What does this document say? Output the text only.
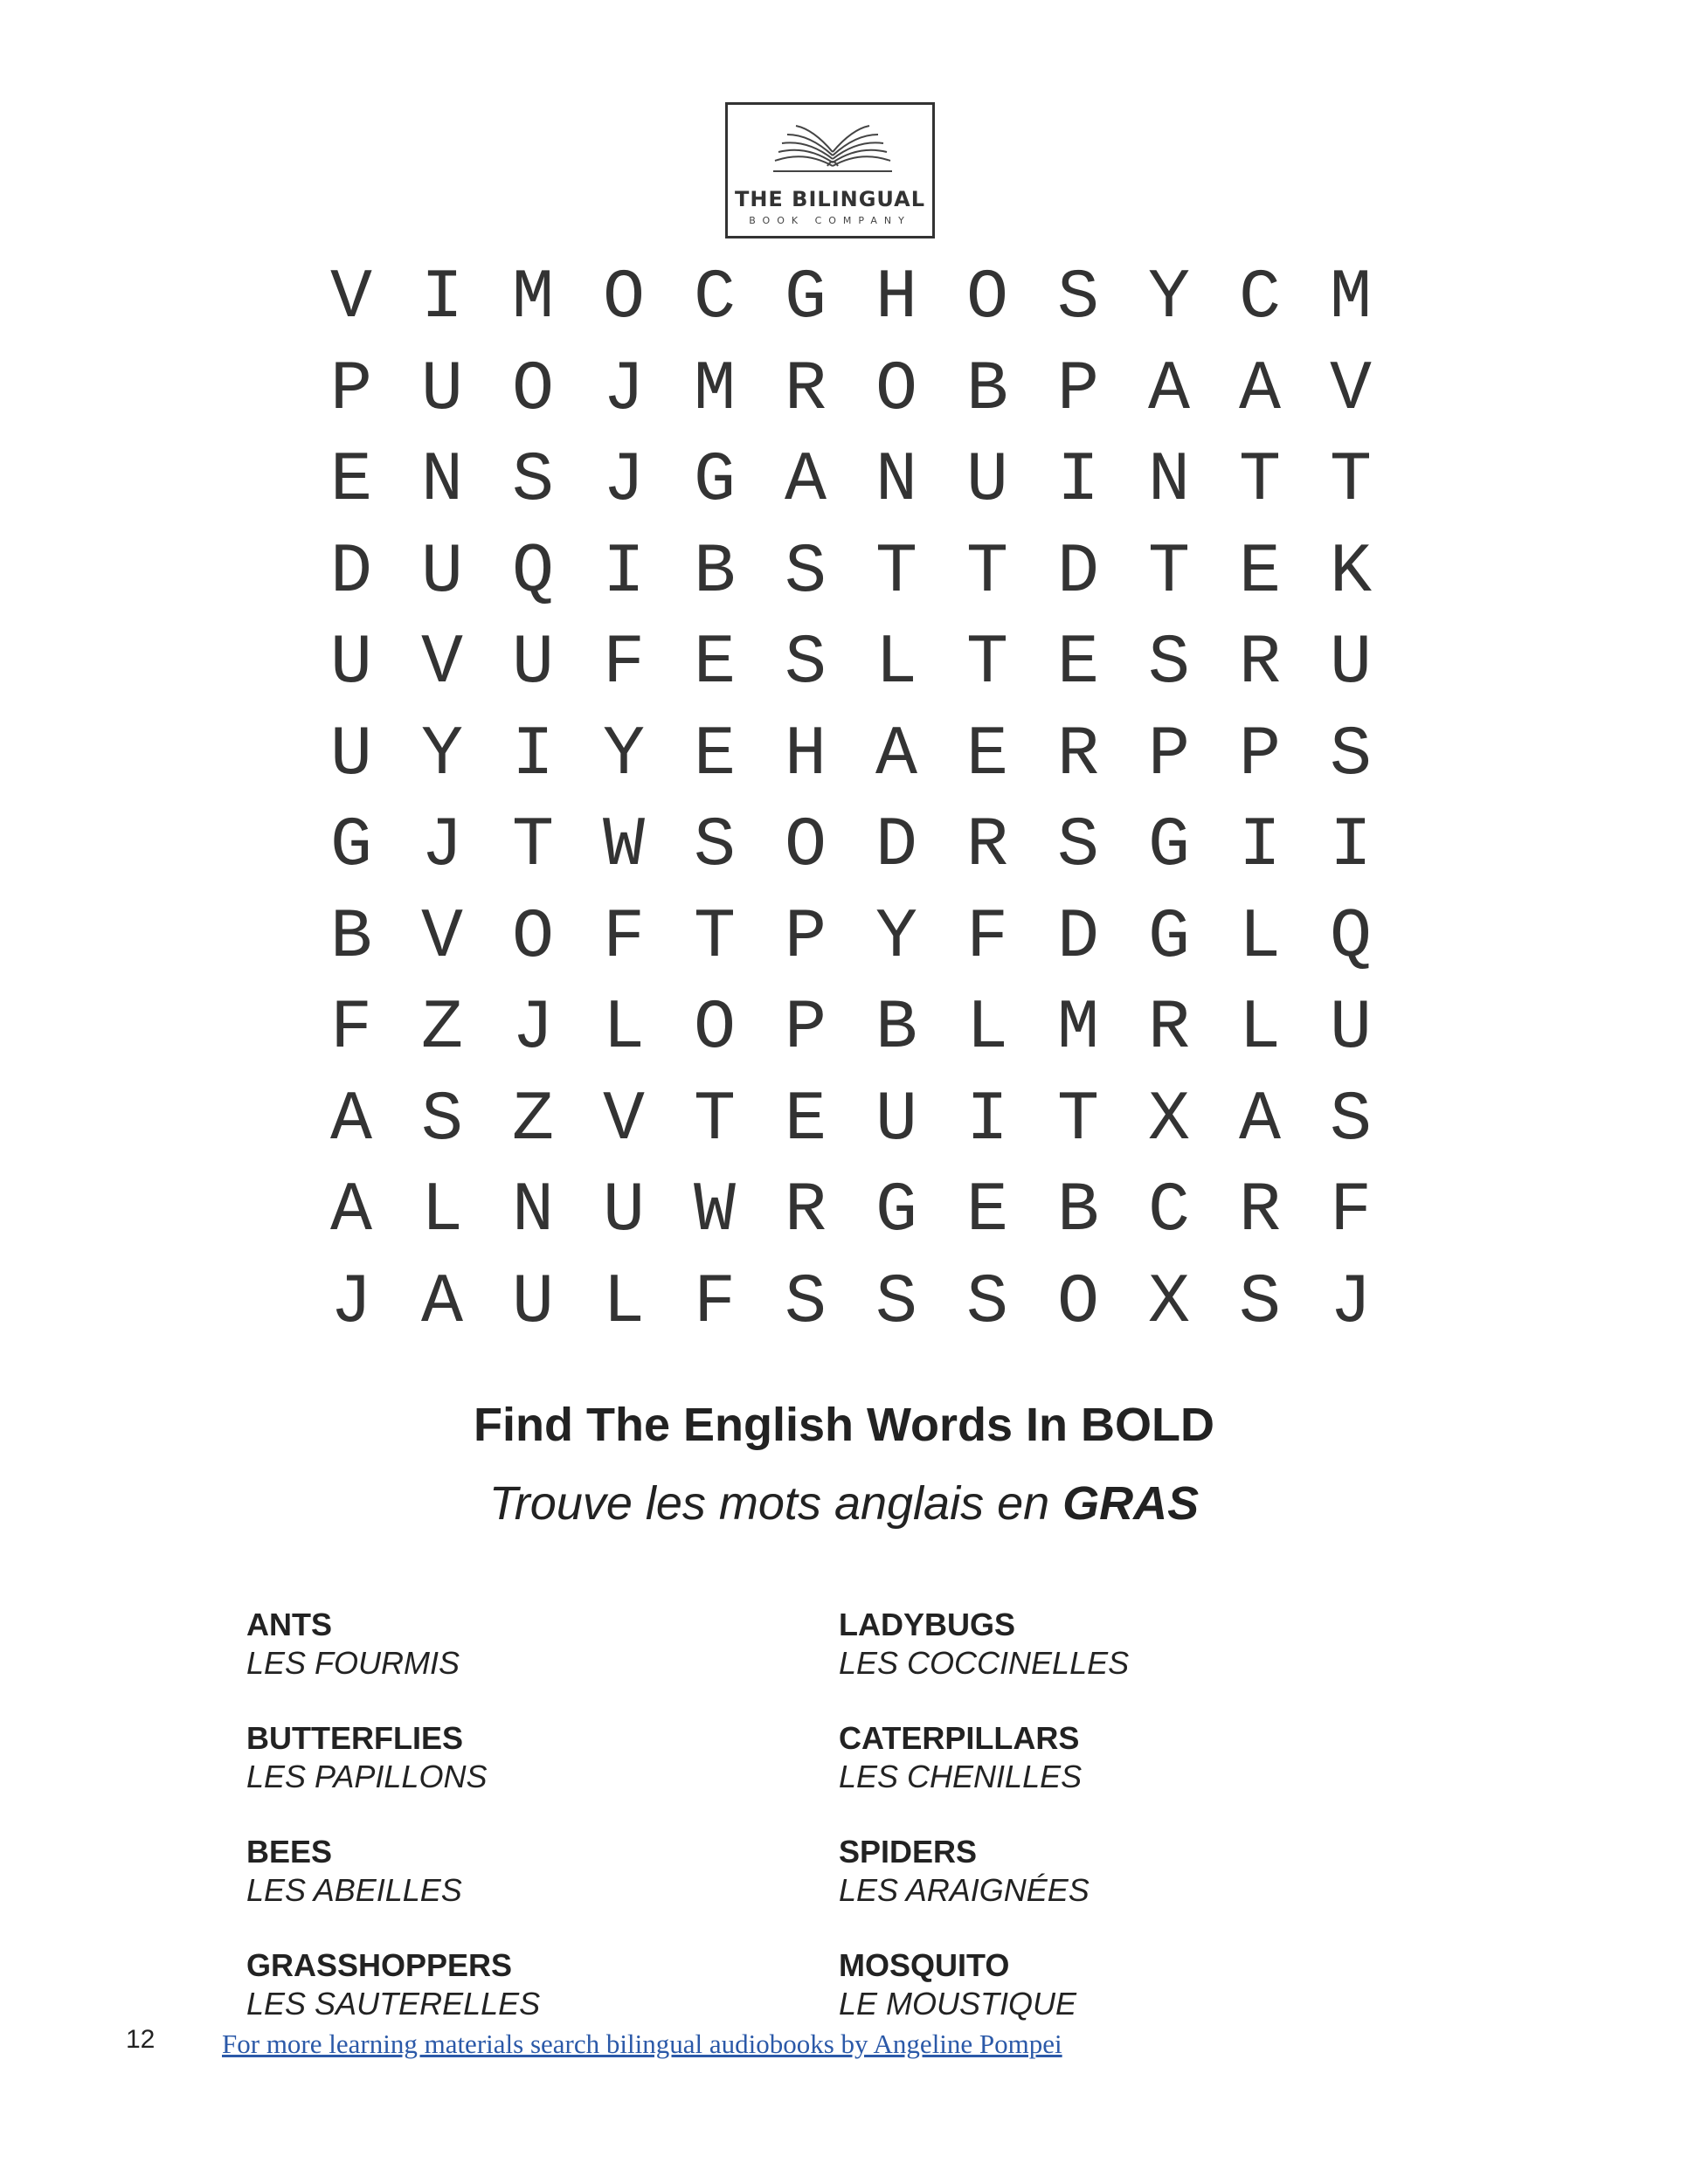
THE BILINGUAL
BOOK COMPANY
V I M O C G H O S Y C M
P U O J M R O B P A A V
E N S J G A N U I N T T
D U Q I B S T T D T E K
U V U F E S L T E S R U
U Y I Y E H A E R P P S
G J T W S O D R S G I I
B V O F T P Y F D G L Q
F Z J L O P B L M R L U
A S Z V T E U I T X A S
A L N U W R G E B C R F
J A U L F S S S O X S J
Find The English Words In BOLD
Trouve les mots anglais en GRAS
ANTS
LES FOURMIS
LADYBUGS
LES COCCINELLES
BUTTERFLIES
LES PAPILLONS
CATERPILLARS
LES CHENILLES
BEES
LES ABEILLES
SPIDERS
LES ARAIGNÉES
GRASSHOPPERS
LES SAUTERELLES
MOSQUITO
LE MOUSTIQUE
12 For more learning materials search bilingual audiobooks by Angeline Pompei
